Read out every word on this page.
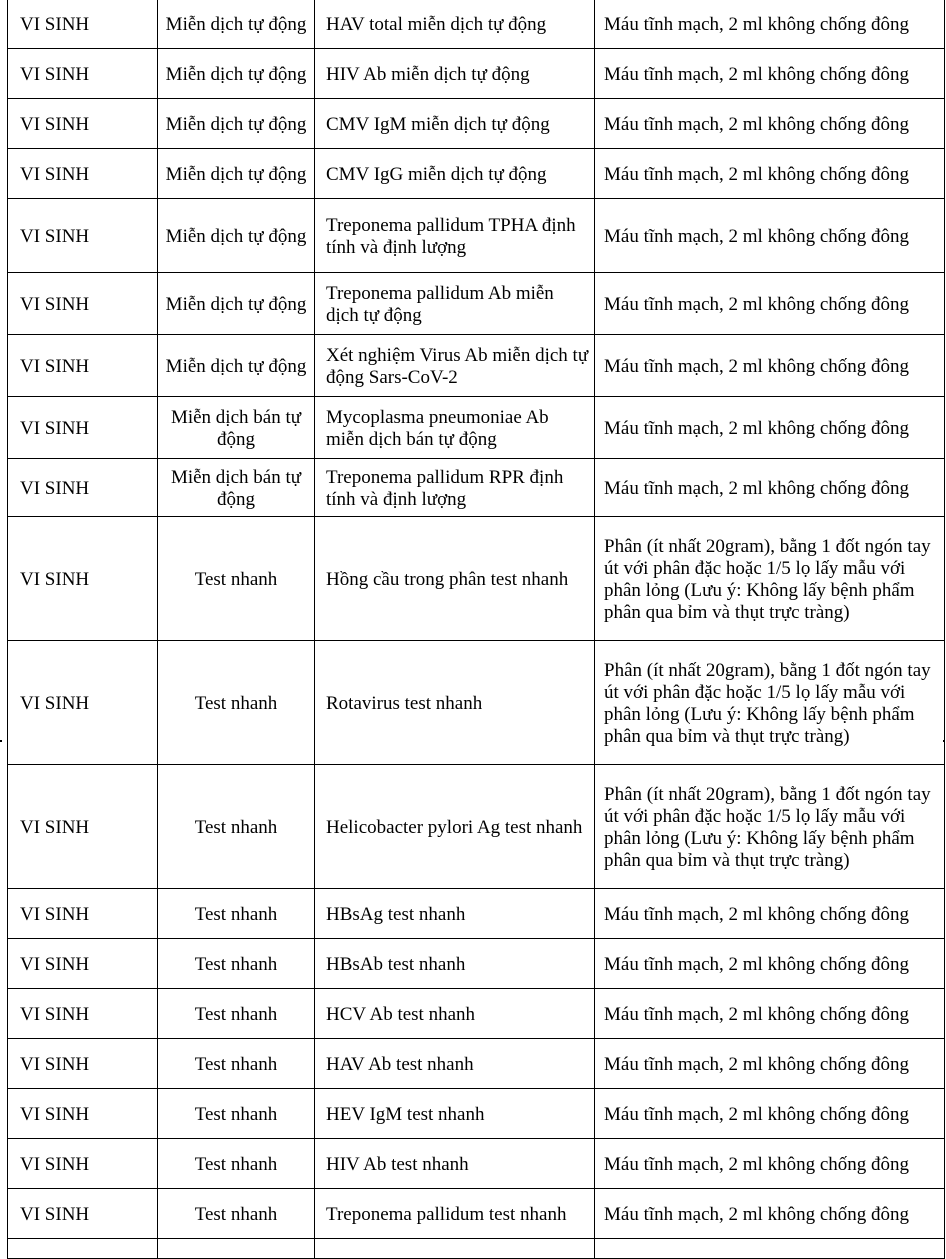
VI SINH	Miễn dịch tự động	HAV total miễn dịch tự động	Máu tĩnh mạch, 2 ml không chống đông
VI SINH	Miễn dịch tự động	HIV Ab miễn dịch tự động	Máu tĩnh mạch, 2 ml không chống đông
VI SINH	Miễn dịch tự động	CMV IgM miễn dịch tự động	Máu tĩnh mạch, 2 ml không chống đông
VI SINH	Miễn dịch tự động	CMV IgG miễn dịch tự động	Máu tĩnh mạch, 2 ml không chống đông
VI SINH	Miễn dịch tự động	Treponema pallidum TPHA định tính và định lượng	Máu tĩnh mạch, 2 ml không chống đông
VI SINH	Miễn dịch tự động	Treponema pallidum Ab miễn dịch tự động	Máu tĩnh mạch, 2 ml không chống đông
VI SINH	Miễn dịch tự động	Xét nghiệm Virus Ab miễn dịch tự động Sars-CoV-2	Máu tĩnh mạch, 2 ml không chống đông
VI SINH	Miễn dịch bán tự động	Mycoplasma pneumoniae Ab miễn dịch bán tự động	Máu tĩnh mạch, 2 ml không chống đông
VI SINH	Miễn dịch bán tự động	Treponema pallidum RPR định tính và định lượng	Máu tĩnh mạch, 2 ml không chống đông
VI SINH	Test nhanh	Hồng cầu trong phân test nhanh	Phân (ít nhất 20gram), bằng 1 đốt ngón tay út với phân đặc hoặc 1/5 lọ lấy mẫu với phân lỏng (Lưu ý: Không lấy bệnh phẩm phân qua bỉm và thụt trực tràng)
VI SINH	Test nhanh	Rotavirus test nhanh	Phân (ít nhất 20gram), bằng 1 đốt ngón tay út với phân đặc hoặc 1/5 lọ lấy mẫu với phân lỏng (Lưu ý: Không lấy bệnh phẩm phân qua bỉm và thụt trực tràng)
VI SINH	Test nhanh	Helicobacter pylori Ag test nhanh	Phân (ít nhất 20gram), bằng 1 đốt ngón tay út với phân đặc hoặc 1/5 lọ lấy mẫu với phân lỏng (Lưu ý: Không lấy bệnh phẩm phân qua bỉm và thụt trực tràng)
VI SINH	Test nhanh	HBsAg test nhanh	Máu tĩnh mạch, 2 ml không chống đông
VI SINH	Test nhanh	HBsAb test nhanh	Máu tĩnh mạch, 2 ml không chống đông
VI SINH	Test nhanh	HCV Ab test nhanh	Máu tĩnh mạch, 2 ml không chống đông
VI SINH	Test nhanh	HAV Ab test nhanh	Máu tĩnh mạch, 2 ml không chống đông
VI SINH	Test nhanh	HEV IgM test nhanh	Máu tĩnh mạch, 2 ml không chống đông
VI SINH	Test nhanh	HIV Ab test nhanh	Máu tĩnh mạch, 2 ml không chống đông
VI SINH	Test nhanh	Treponema pallidum test nhanh	Máu tĩnh mạch, 2 ml không chống đông
